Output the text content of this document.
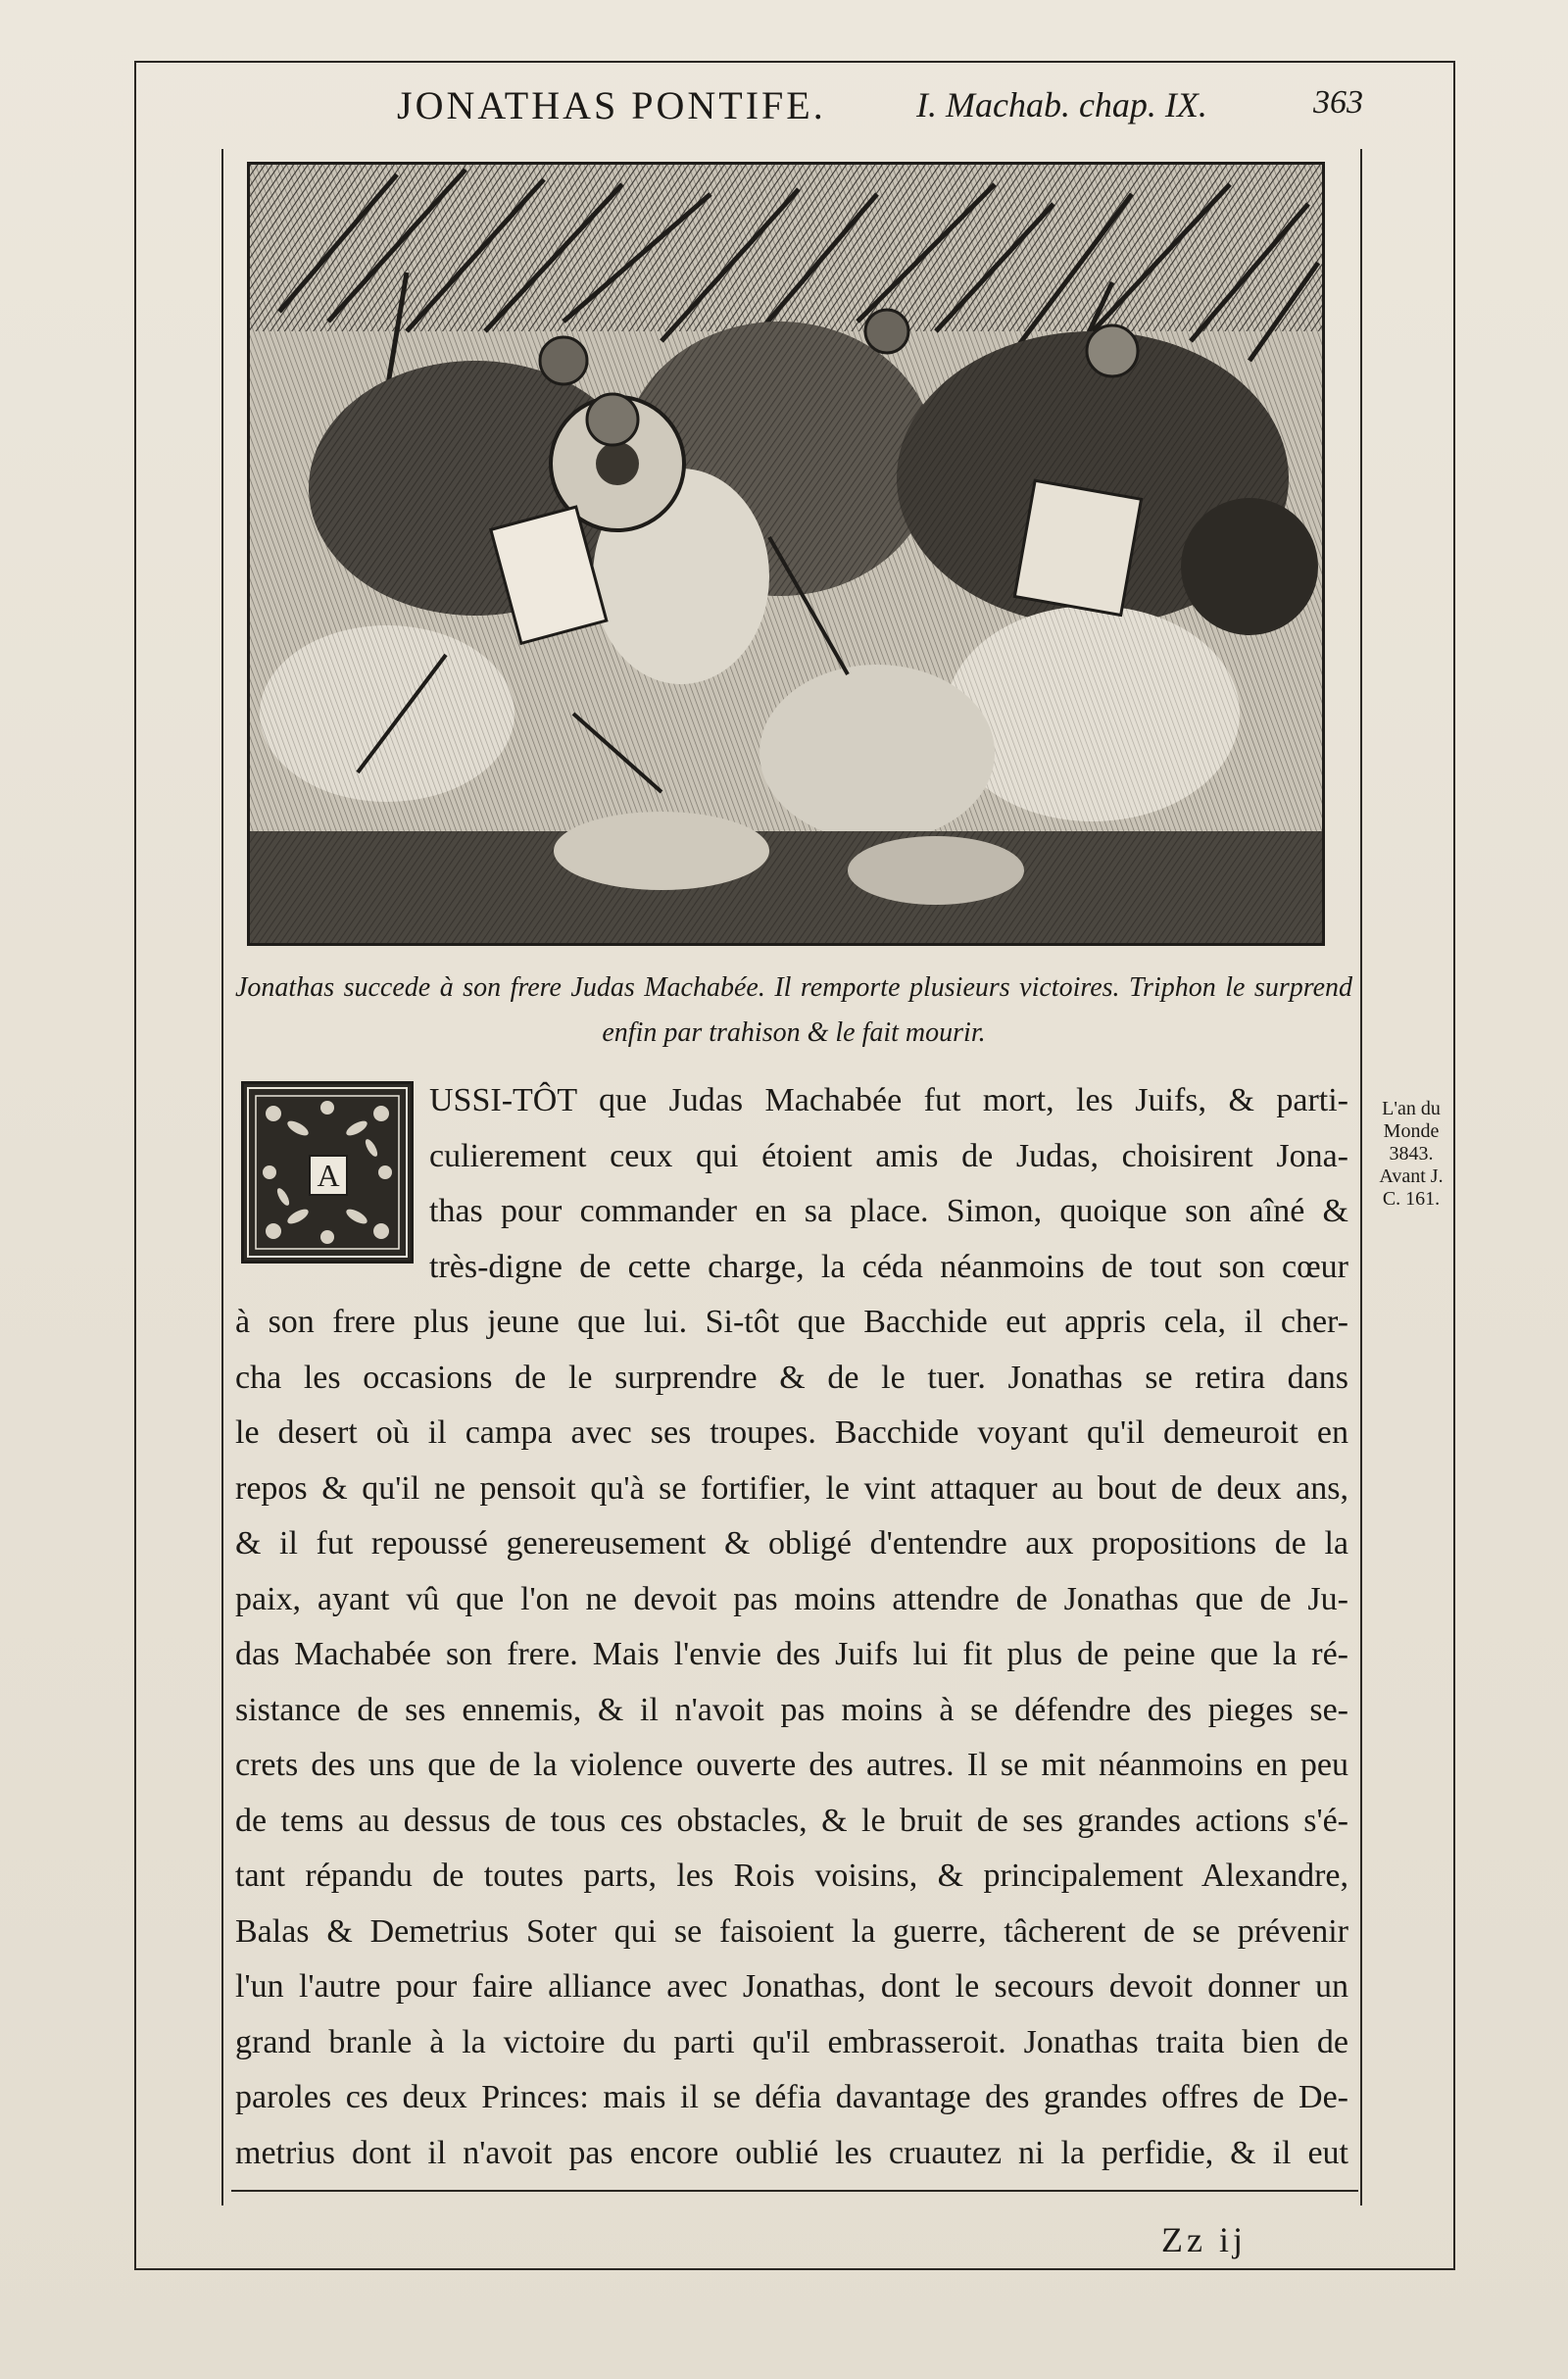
JONATHAS PONTIFE.	I. Machab. chap. IX.	363
Jonathas succede à son frere Judas Machabée. Il remporte plusieurs victoires. Triphon le surprend
enfin par trahison & le fait mourir.
A
USSI-TÔT que Judas Machabée fut mort, les Juifs, & parti-
culierement ceux qui étoient amis de Judas, choisirent Jona-
thas pour commander en sa place. Simon, quoique son aîné &
très-digne de cette charge, la céda néanmoins de tout son cœur
à son frere plus jeune que lui. Si-tôt que Bacchide eut appris cela, il cher-
cha les occasions de le surprendre & de le tuer. Jonathas se retira dans
le desert où il campa avec ses troupes. Bacchide voyant qu'il demeuroit en
repos & qu'il ne pensoit qu'à se fortifier, le vint attaquer au bout de deux ans,
& il fut repoussé genereusement & obligé d'entendre aux propositions de la
paix, ayant vû que l'on ne devoit pas moins attendre de Jonathas que de Ju-
das Machabée son frere. Mais l'envie des Juifs lui fit plus de peine que la ré-
sistance de ses ennemis, & il n'avoit pas moins à se défendre des pieges se-
crets des uns que de la violence ouverte des autres. Il se mit néanmoins en peu
de tems au dessus de tous ces obstacles, & le bruit de ses grandes actions s'é-
tant répandu de toutes parts, les Rois voisins, & principalement Alexandre,
Balas & Demetrius Soter qui se faisoient la guerre, tâcherent de se prévenir
l'un l'autre pour faire alliance avec Jonathas, dont le secours devoit donner un
grand branle à la victoire du parti qu'il embrasseroit. Jonathas traita bien de
paroles ces deux Princes: mais il se défia davantage des grandes offres de De-
metrius dont il n'avoit pas encore oublié les cruautez ni la perfidie, & il eut
L'an du
Monde
3843.
Avant J.
C. 161.
Zz ij
